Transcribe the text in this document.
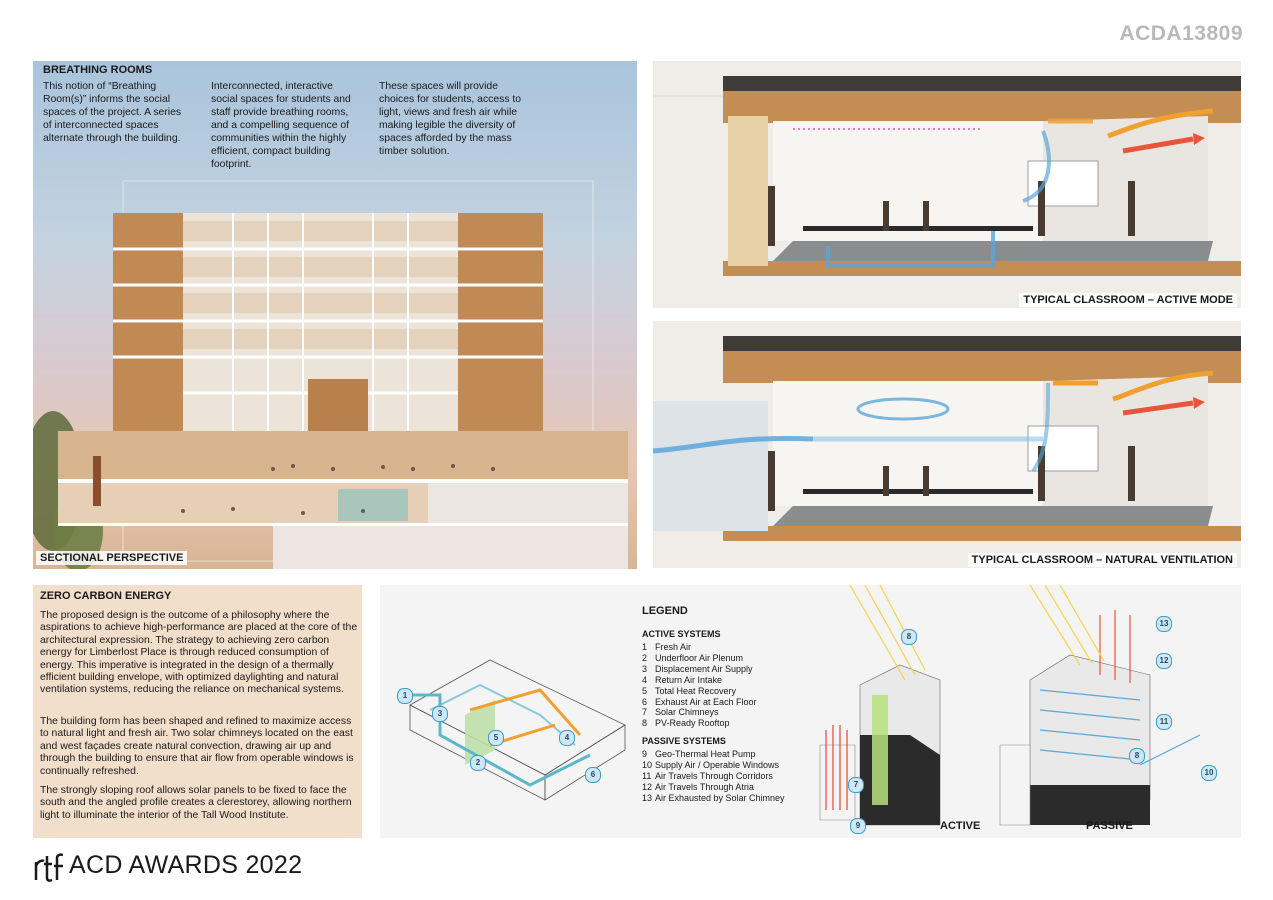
ACDA13809
BREATHING ROOMS
This notion of “Breathing Room(s)” informs the social spaces of the project. A series of interconnected spaces alternate through the building.
Interconnected, interactive social spaces for students and staff provide breathing rooms, and a compelling sequence of communities within the highly efficient, compact building footprint.
These spaces will provide choices for students, access to light, views and fresh air while making legible the diversity of spaces afforded by the mass timber solution.
SECTIONAL PERSPECTIVE
TYPICAL CLASSROOM – ACTIVE MODE
TYPICAL CLASSROOM – NATURAL VENTILATION
ZERO CARBON ENERGY
The proposed design is the outcome of a philosophy where the aspirations to achieve high-performance are placed at the core of the architectural expression. The strategy to achieving zero carbon energy for Limberlost Place is through reduced consumption of energy. This imperative is integrated in the design of a thermally efficient building envelope, with optimized daylighting and natural ventilation systems, reducing the reliance on mechanical systems.
The building form has been shaped and refined to maximize access to natural light and fresh air. Two solar chimneys located on the east and west façades create natural convection, drawing air up and through the building to ensure that air flow from operable windows is continually refreshed.
The strongly sloping roof allows solar panels to be fixed to face the south and the angled profile creates a clerestorey, allowing northern light to illuminate the interior of the Tall Wood Institute.
1
2
3
4
5
6
7
8
9
10
11
12
13
8
LEGEND
ACTIVE SYSTEMS
1 Fresh Air
2 Underfloor Air Plenum
3 Displacement Air Supply
4 Return Air Intake
5 Total Heat Recovery
6 Exhaust Air at Each Floor
7 Solar Chimneys
8 PV-Ready Rooftop
PASSIVE SYSTEMS
9 Geo-Thermal Heat Pump
10 Supply Air / Operable Windows
11 Air Travels Through Corridors
12 Air Travels Through Atria
13 Air Exhausted by Solar Chimney
ACTIVE	PASSIVE
ACD AWARDS 2022
